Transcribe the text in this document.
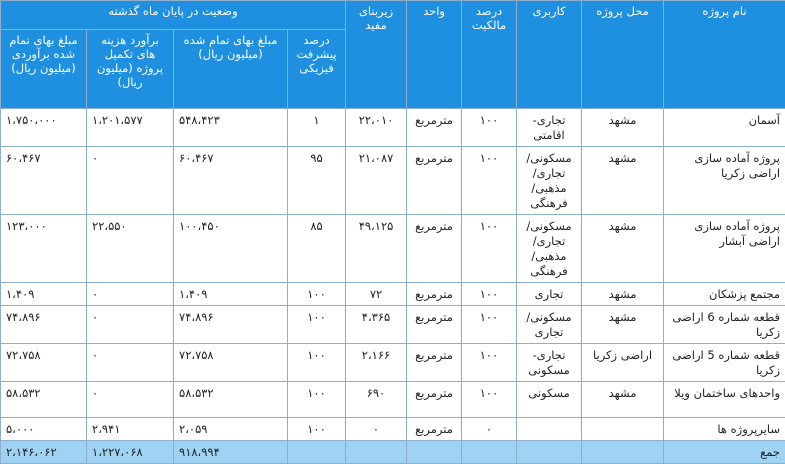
نام پروژه	محل پروژه	کاربری	درصد مالکیت	واحد	زیربنای مفید	وضعیت در پایان ماه گذشته			
						درصد پیشرفت فیزیکی	مبلغ بهای تمام شده (میلیون ریال)	برآورد هزینه های تکمیل پروژه (میلیون ریال)	مبلغ بهای تمام شده برآوردی (میلیون ریال)
آسمان	مشهد	تجاری- اقامتی	۱۰۰	مترمربع	۲۲،۰۱۰	۱	۵۴۸،۴۲۳	۱،۲۰۱،۵۷۷	۱،۷۵۰،۰۰۰
پروژه آماده سازی اراضی زکریا	مشهد	مسکونی/ تجاری/ مذهبی/ فرهنگی	۱۰۰	مترمربع	۲۱،۰۸۷	۹۵	۶۰،۴۶۷	۰	۶۰،۴۶۷
پروژه آماده سازی اراضی آبشار	مشهد	مسکونی/ تجاری/ مذهبی/ فرهنگی	۱۰۰	مترمربع	۴۹،۱۲۵	۸۵	۱۰۰،۴۵۰	۲۲،۵۵۰	۱۲۳،۰۰۰
مجتمع پزشکان	مشهد	تجاری	۱۰۰	مترمربع	۷۲	۱۰۰	۱،۴۰۹	۰	۱،۴۰۹
قطعه شماره 6 اراضی زکریا	مشهد	مسکونی/ تجاری	۱۰۰	مترمربع	۴،۳۶۵	۱۰۰	۷۴،۸۹۶	۰	۷۴،۸۹۶
قطعه شماره 5 اراضی زکریا	اراضی زکریا	تجاری- مسکونی	۱۰۰	مترمربع	۲،۱۶۶	۱۰۰	۷۲،۷۵۸	۰	۷۲،۷۵۸
واحدهای ساختمان ویلا	مشهد	مسکونی	۱۰۰	مترمربع	۶۹۰	۱۰۰	۵۸،۵۳۲	۰	۵۸،۵۳۲
سایرپروژه ها			۰	مترمربع	۰	۱۰۰	۲،۰۵۹	۲،۹۴۱	۵،۰۰۰
جمع							۹۱۸،۹۹۴	۱،۲۲۷،۰۶۸	۲،۱۴۶،۰۶۲
